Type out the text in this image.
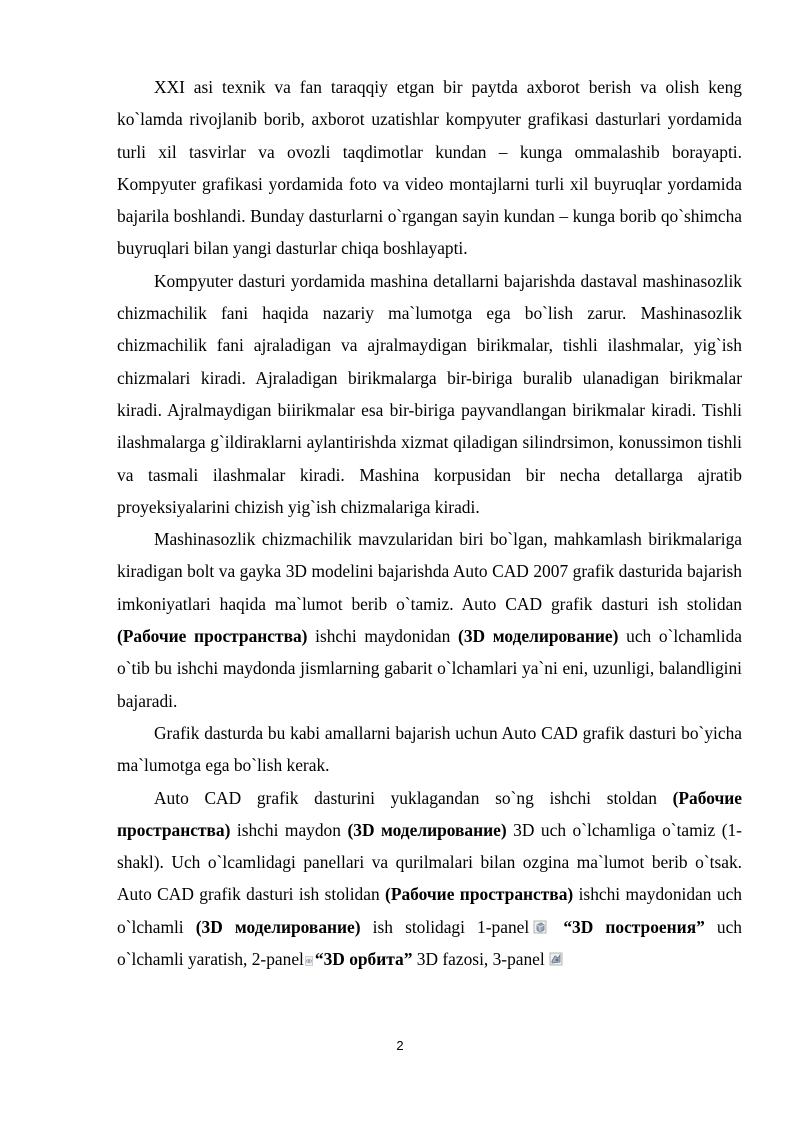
XXI asi texnik va fan taraqqiy etgan bir paytda axborot berish va olish keng ko`lamda rivojlanib borib, axborot uzatishlar kompyuter grafikasi dasturlari yordamida turli xil tasvirlar va ovozli taqdimotlar kundan – kunga ommalashib borayapti. Kompyuter grafikasi yordamida foto va video montajlarni turli xil buyruqlar yordamida bajarila boshlandi. Bunday dasturlarni o`rgangan sayin kundan – kunga borib qo`shimcha buyruqlari bilan yangi dasturlar chiqa boshlayapti.

Kompyuter dasturi yordamida mashina detallarni bajarishda dastaval mashinasozlik chizmachilik fani haqida nazariy ma`lumotga ega bo`lish zarur. Mashinasozlik chizmachilik fani ajraladigan va ajralmaydigan birikmalar, tishli ilashmalar, yig`ish chizmalari kiradi. Ajraladigan birikmalarga bir-biriga buralib ulanadigan birikmalar kiradi. Ajralmaydigan biirikmalar esa bir-biriga payvandlangan birikmalar kiradi. Tishli ilashmalarga g`ildiraklarni aylantirishda xizmat qiladigan silindrsimon, konussimon tishli va tasmali ilashmalar kiradi. Mashina korpusidan bir necha detallarga ajratib proyeksiyalarini chizish yig`ish chizmalariga kiradi.

Mashinasozlik chizmachilik mavzularidan biri bo`lgan, mahkamlash birikmalariga kiradigan bolt va gayka 3D modelini bajarishda Auto CAD 2007 grafik dasturida bajarish imkoniyatlari haqida ma`lumot berib o`tamiz. Auto CAD grafik dasturi ish stolidan (Рабочие пространства) ishchi maydonidan (3D моделирование) uch o`lchamlida o`tib bu ishchi maydonda jismlarning gabarit o`lchamlari ya`ni eni, uzunligi, balandligini bajaradi.

Grafik dasturda bu kabi amallarni bajarish uchun Auto CAD grafik dasturi bo`yicha ma`lumotga ega bo`lish kerak.

Auto CAD grafik dasturini yuklagandan so`ng ishchi stoldan (Рабочие пространства) ishchi maydon (3D моделирование) 3D uch o`lchamliga o`tamiz (1-shakl). Uch o`lcamlidagi panellari va qurilmalari bilan ozgina ma`lumot berib o`tsak. Auto CAD grafik dasturi ish stolidan (Рабочие пространства) ishchi maydonidan uch o`lchamli (3D моделирование) ish stolidagi 1-panel “3D построения” uch o`lchamli yaratish, 2-panel “3D орбита” 3D fazosi, 3-panel

2
